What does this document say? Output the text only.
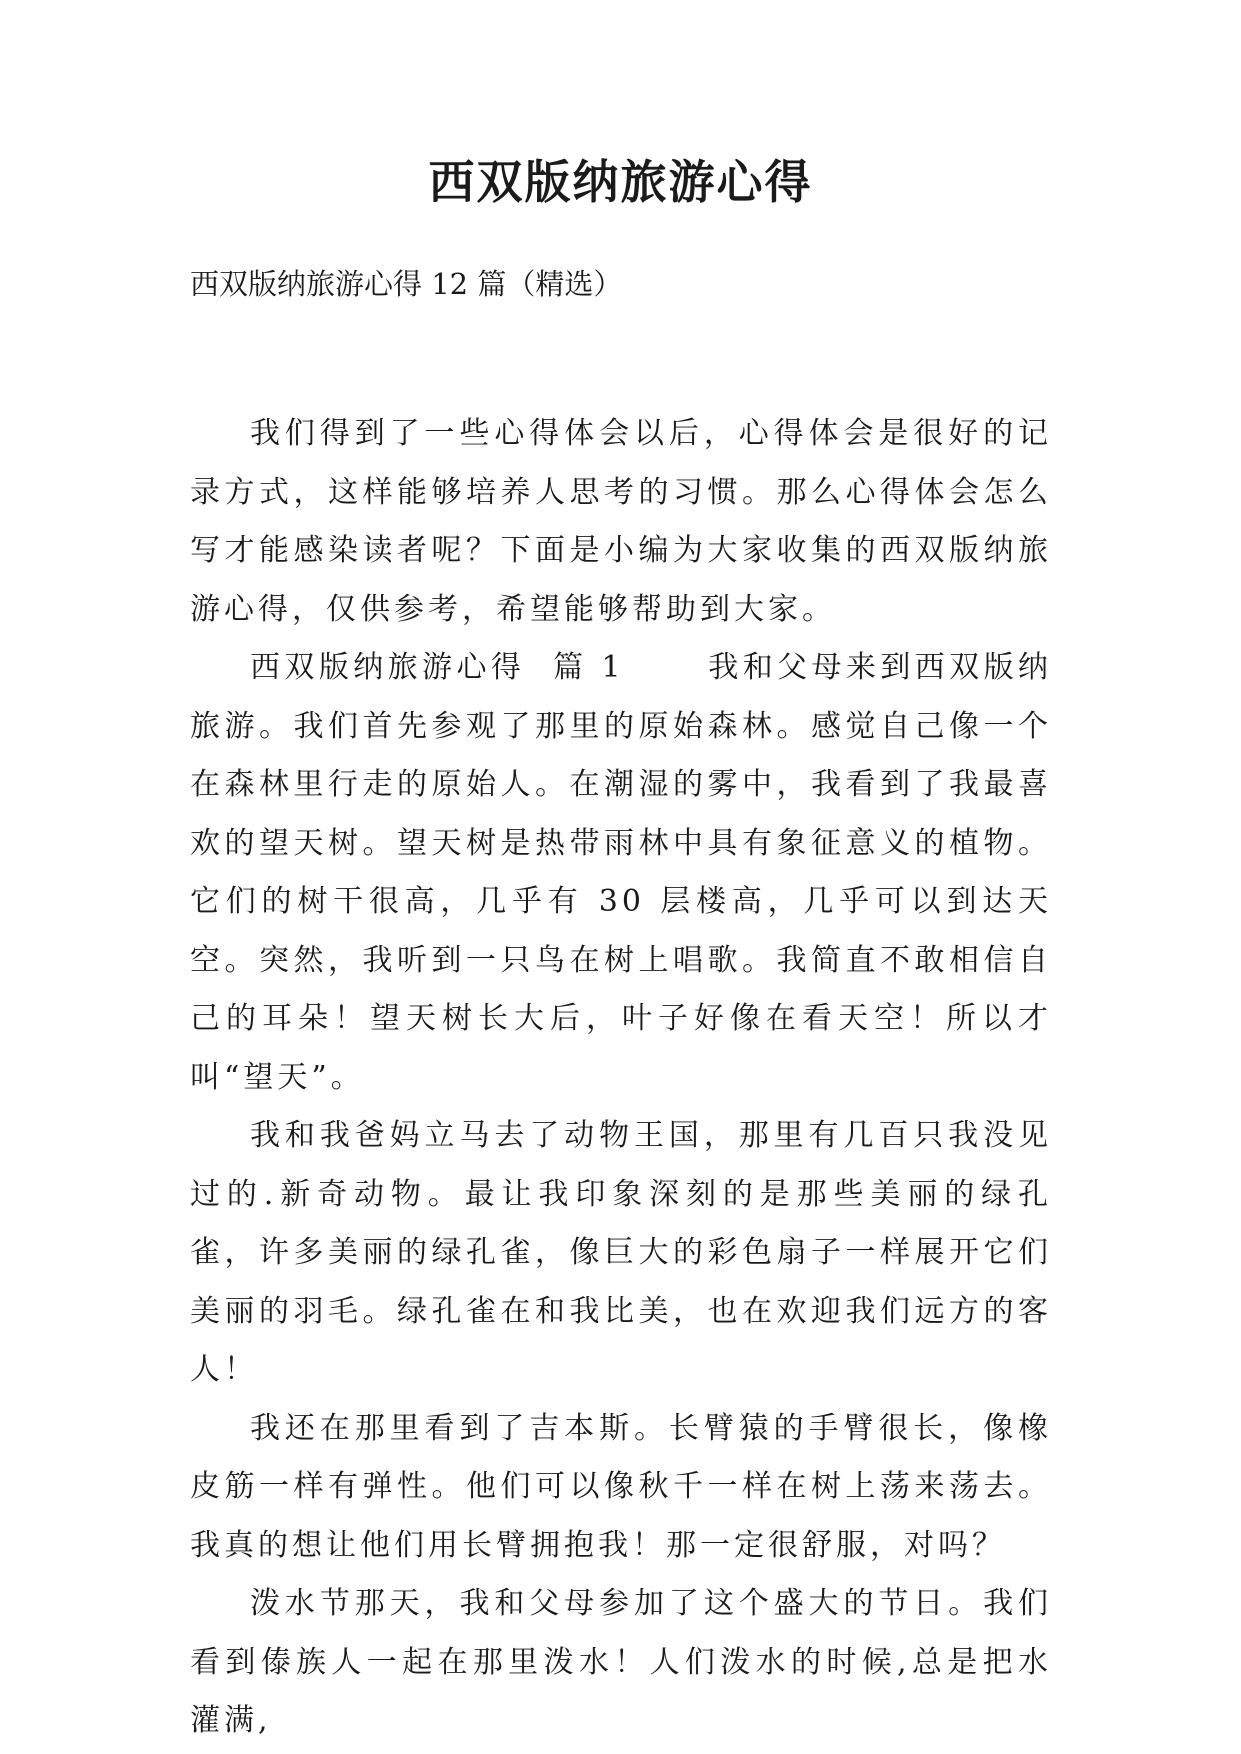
西双版纳旅游心得

西双版纳旅游心得 12 篇（精选）

我们得到了一些心得体会以后，心得体会是很好的记录方式，这样能够培养人思考的习惯。那么心得体会怎么写才能感染读者呢？下面是小编为大家收集的西双版纳旅游心得，仅供参考，希望能够帮助到大家。

西双版纳旅游心得  篇 1      我和父母来到西双版纳旅游。我们首先参观了那里的原始森林。感觉自己像一个在森林里行走的原始人。在潮湿的雾中，我看到了我最喜欢的望天树。望天树是热带雨林中具有象征意义的植物。它们的树干很高，几乎有 30 层楼高，几乎可以到达天空。突然，我听到一只鸟在树上唱歌。我简直不敢相信自己的耳朵！望天树长大后，叶子好像在看天空！所以才叫“望天”。

我和我爸妈立马去了动物王国，那里有几百只我没见过的.新奇动物。最让我印象深刻的是那些美丽的绿孔雀，许多美丽的绿孔雀，像巨大的彩色扇子一样展开它们美丽的羽毛。绿孔雀在和我比美，也在欢迎我们远方的客人！

我还在那里看到了吉本斯。长臂猿的手臂很长，像橡皮筋一样有弹性。他们可以像秋千一样在树上荡来荡去。我真的想让他们用长臂拥抱我！那一定很舒服，对吗？

泼水节那天，我和父母参加了这个盛大的节日。我们看到傣族人一起在那里泼水！人们泼水的时候,总是把水灌满,
